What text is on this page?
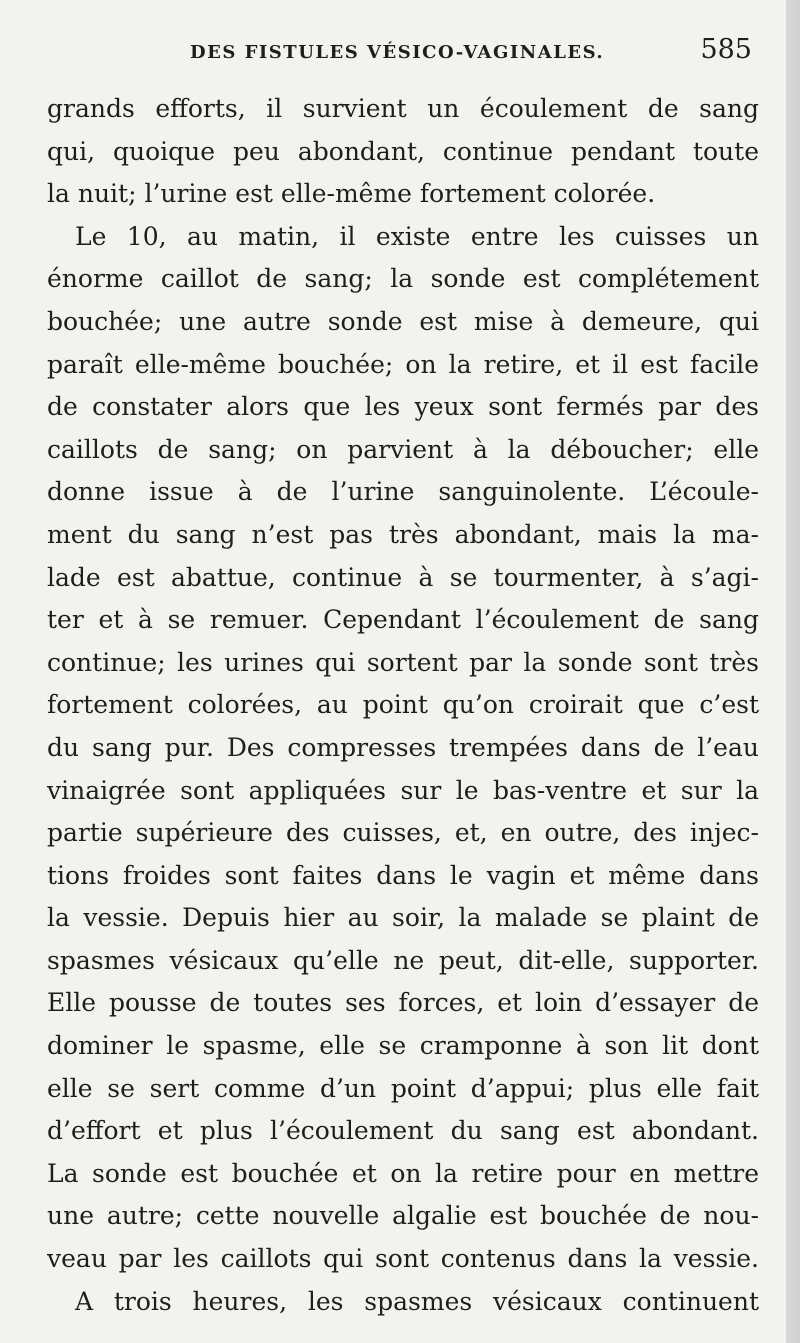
DES FISTULES VÉSICO-VAGINALES.	585
grands efforts, il survient un écoulement de sang
qui, quoique peu abondant, continue pendant toute
la nuit; l’urine est elle-même fortement colorée.
Le 10, au matin, il existe entre les cuisses un
énorme caillot de sang; la sonde est complétement
bouchée; une autre sonde est mise à demeure, qui
paraît elle-même bouchée; on la retire, et il est facile
de constater alors que les yeux sont fermés par des
caillots de sang; on parvient à la déboucher; elle
donne issue à de l’urine sanguinolente. L’écoule-
ment du sang n’est pas très abondant, mais la ma-
lade est abattue, continue à se tourmenter, à s’agi-
ter et à se remuer. Cependant l’écoulement de sang
continue; les urines qui sortent par la sonde sont très
fortement colorées, au point qu’on croirait que c’est
du sang pur. Des compresses trempées dans de l’eau
vinaigrée sont appliquées sur le bas-ventre et sur la
partie supérieure des cuisses, et, en outre, des injec-
tions froides sont faites dans le vagin et même dans
la vessie. Depuis hier au soir, la malade se plaint de
spasmes vésicaux qu’elle ne peut, dit-elle, supporter.
Elle pousse de toutes ses forces, et loin d’essayer de
dominer le spasme, elle se cramponne à son lit dont
elle se sert comme d’un point d’appui; plus elle fait
d’effort et plus l’écoulement du sang est abondant.
La sonde est bouchée et on la retire pour en mettre
une autre; cette nouvelle algalie est bouchée de nou-
veau par les caillots qui sont contenus dans la vessie.
A trois heures, les spasmes vésicaux continuent
